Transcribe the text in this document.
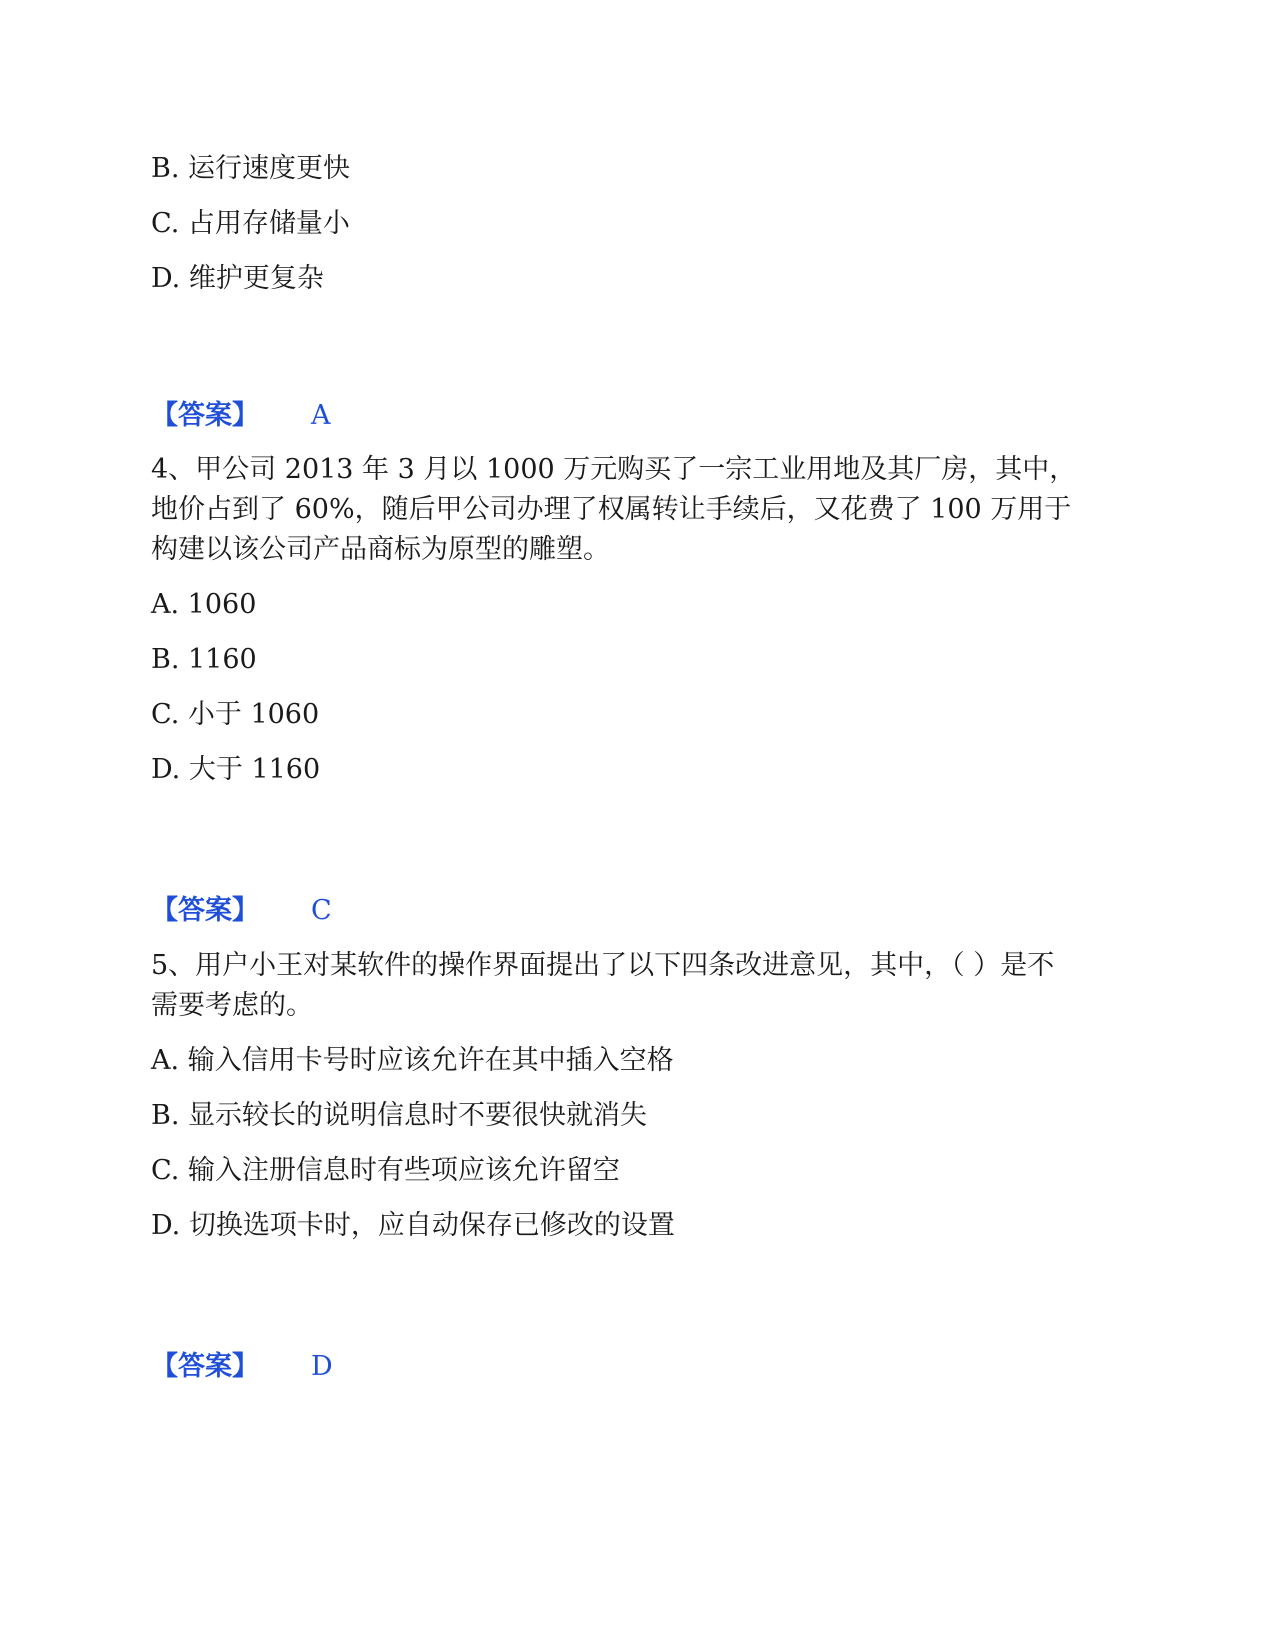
B. 运行速度更快
C. 占用存储量小
D. 维护更复杂
【答案】 A
4、甲公司 2013 年 3 月以 1000 万元购买了一宗工业用地及其厂房，其中，
地价占到了 60%，随后甲公司办理了权属转让手续后，又花费了 100 万用于
构建以该公司产品商标为原型的雕塑。
A. 1060
B. 1160
C. 小于 1060
D. 大于 1160
【答案】 C
5、用户小王对某软件的操作界面提出了以下四条改进意见，其中，（ ）是不
需要考虑的。
A. 输入信用卡号时应该允许在其中插入空格
B. 显示较长的说明信息时不要很快就消失
C. 输入注册信息时有些项应该允许留空
D. 切换选项卡时，应自动保存已修改的设置
【答案】 D
